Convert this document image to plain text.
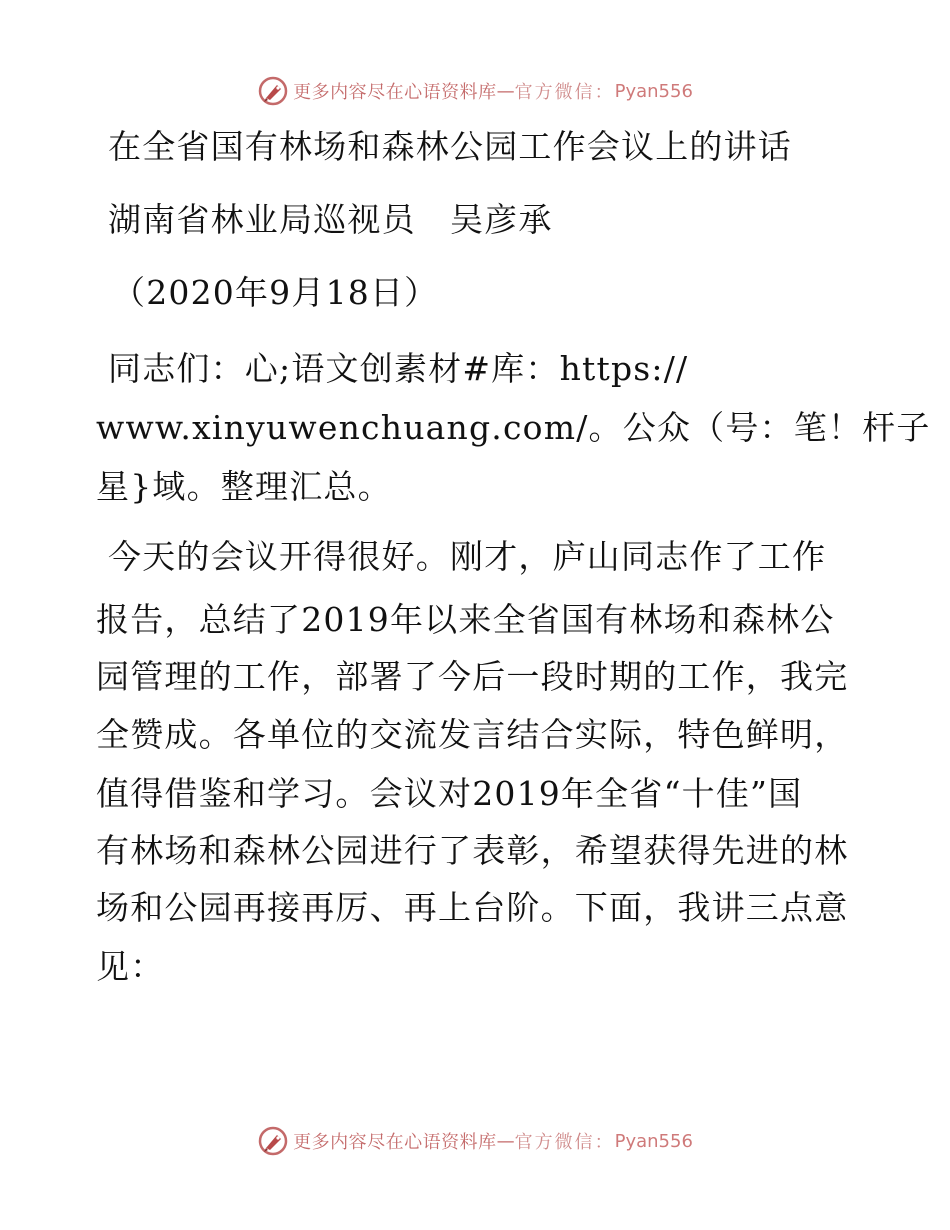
更多内容尽在心语资料库 — 官方微信： Pyan556
在全省国有林场和森林公园工作会议上的讲话
湖南省林业局巡视员　吴彦承
（2020年9月18日）
同志们：心;语文创素材#库：https://
www.xinyuwenchuang.com/。公众（号：笔！杆子
星}域。整理汇总。
今天的会议开得很好。刚才，庐山同志作了工作
报告，总结了2019年以来全省国有林场和森林公
园管理的工作，部署了今后一段时期的工作，我完
全赞成。各单位的交流发言结合实际，特色鲜明，
值得借鉴和学习。会议对2019年全省“十佳”国
有林场和森林公园进行了表彰，希望获得先进的林
场和公园再接再厉、再上台阶。下面，我讲三点意
见：
更多内容尽在心语资料库 — 官方微信： Pyan556
